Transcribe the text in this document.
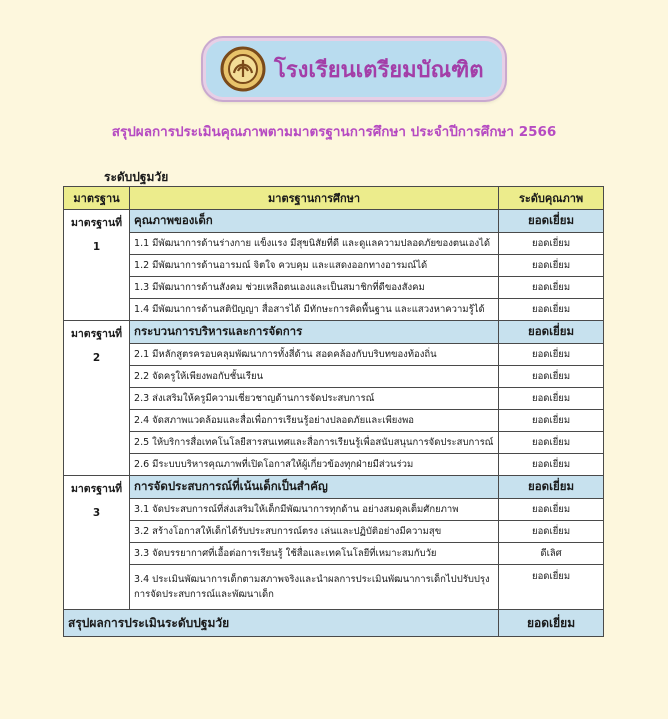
โรงเรียนเตรียมบัณฑิต
สรุปผลการประเมินคุณภาพตามมาตรฐานการศึกษา ประจำปีการศึกษา 2566
ระดับปฐมวัย
มาตรฐาน	มาตรฐานการศึกษา	ระดับคุณภาพ
มาตรฐานที่
1	คุณภาพของเด็ก	ยอดเยี่ยม
	1.1 มีพัฒนาการด้านร่างกาย แข็งแรง มีสุขนิสัยที่ดี และดูแลความปลอดภัยของตนเองได้	ยอดเยี่ยม
	1.2 มีพัฒนาการด้านอารมณ์ จิตใจ ควบคุม และแสดงออกทางอารมณ์ได้	ยอดเยี่ยม
	1.3 มีพัฒนาการด้านสังคม ช่วยเหลือตนเองและเป็นสมาชิกที่ดีของสังคม	ยอดเยี่ยม
	1.4 มีพัฒนาการด้านสติปัญญา สื่อสารได้ มีทักษะการคิดพื้นฐาน และแสวงหาความรู้ได้	ยอดเยี่ยม
มาตรฐานที่
2	กระบวนการบริหารและการจัดการ	ยอดเยี่ยม
	2.1 มีหลักสูตรครอบคลุมพัฒนาการทั้งสี่ด้าน สอดคล้องกับบริบทของท้องถิ่น	ยอดเยี่ยม
	2.2 จัดครูให้เพียงพอกับชั้นเรียน	ยอดเยี่ยม
	2.3 ส่งเสริมให้ครูมีความเชี่ยวชาญด้านการจัดประสบการณ์	ยอดเยี่ยม
	2.4 จัดสภาพแวดล้อมและสื่อเพื่อการเรียนรู้อย่างปลอดภัยและเพียงพอ	ยอดเยี่ยม
	2.5 ให้บริการสื่อเทคโนโลยีสารสนเทศและสื่อการเรียนรู้เพื่อสนับสนุนการจัดประสบการณ์	ยอดเยี่ยม
	2.6 มีระบบบริหารคุณภาพที่เปิดโอกาสให้ผู้เกี่ยวข้องทุกฝ่ายมีส่วนร่วม	ยอดเยี่ยม
มาตรฐานที่
3	การจัดประสบการณ์ที่เน้นเด็กเป็นสำคัญ	ยอดเยี่ยม
	3.1 จัดประสบการณ์ที่ส่งเสริมให้เด็กมีพัฒนาการทุกด้าน อย่างสมดุลเต็มศักยภาพ	ยอดเยี่ยม
	3.2 สร้างโอกาสให้เด็กได้รับประสบการณ์ตรง เล่นและปฏิบัติอย่างมีความสุข	ยอดเยี่ยม
	3.3 จัดบรรยากาศที่เอื้อต่อการเรียนรู้ ใช้สื่อและเทคโนโลยีที่เหมาะสมกับวัย	ดีเลิศ
	3.4 ประเมินพัฒนาการเด็กตามสภาพจริงและนำผลการประเมินพัฒนาการเด็กไปปรับปรุงการจัดประสบการณ์และพัฒนาเด็ก	ยอดเยี่ยม
สรุปผลการประเมินระดับปฐมวัย		ยอดเยี่ยม
